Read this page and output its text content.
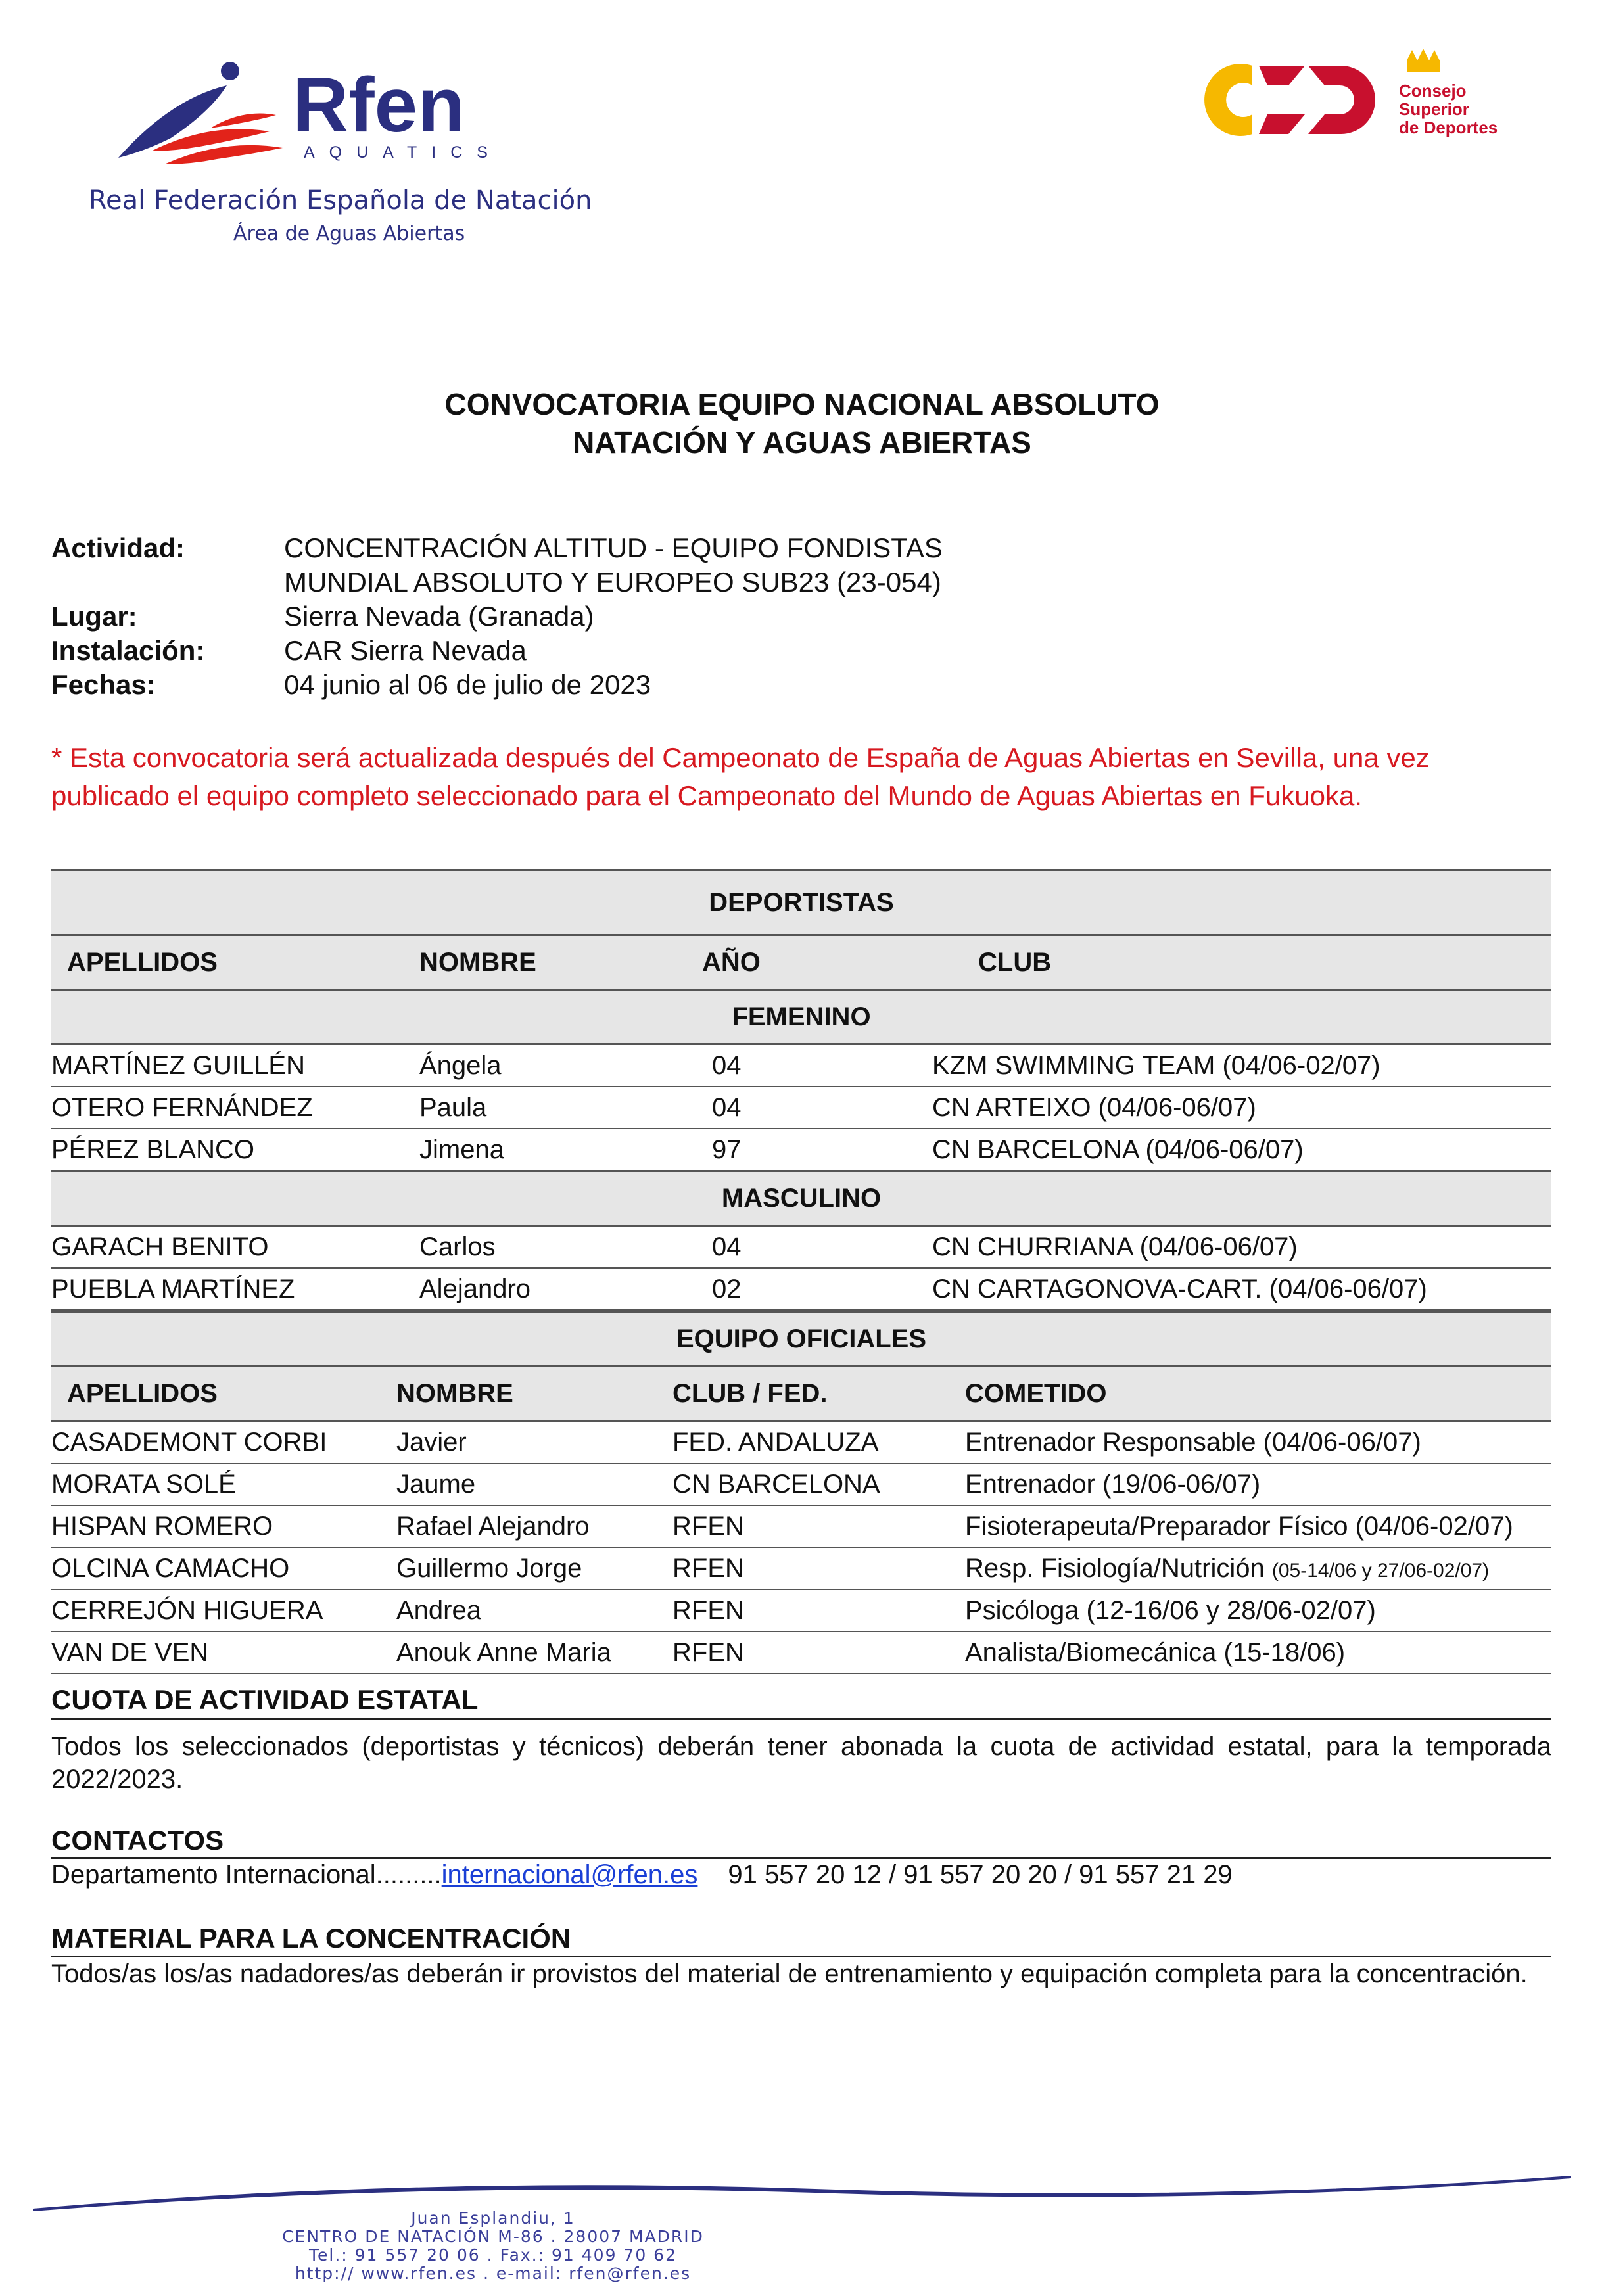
Rfen
AQUATICS
Real Federación Española de Natación
Área de Aguas Abiertas
Consejo
Superior
de Deportes
CONVOCATORIA EQUIPO NACIONAL ABSOLUTO
NATACIÓN Y AGUAS ABIERTAS
Actividad:	CONCENTRACIÓN ALTITUD - EQUIPO FONDISTAS
MUNDIAL ABSOLUTO Y EUROPEO SUB23 (23-054)
Lugar:	Sierra Nevada (Granada)
Instalación:	CAR Sierra Nevada
Fechas:	04 junio al 06 de julio de 2023
* Esta convocatoria será actualizada después del Campeonato de España de Aguas Abiertas en Sevilla, una vez
publicado el equipo completo seleccionado para el Campeonato del Mundo de Aguas Abiertas en Fukuoka.
DEPORTISTAS			
APELLIDOS	NOMBRE	AÑO	CLUB
FEMENINO			
MARTÍNEZ GUILLÉN	Ángela	04	KZM SWIMMING TEAM (04/06-02/07)
OTERO FERNÁNDEZ	Paula	04	CN ARTEIXO (04/06-06/07)
PÉREZ BLANCO	Jimena	97	CN BARCELONA (04/06-06/07)
MASCULINO			
GARACH BENITO	Carlos	04	CN CHURRIANA (04/06-06/07)
PUEBLA MARTÍNEZ	Alejandro	02	CN CARTAGONOVA-CART. (04/06-06/07)
EQUIPO OFICIALES			
APELLIDOS	NOMBRE	CLUB / FED.	COMETIDO
CASADEMONT CORBI	Javier	FED. ANDALUZA	Entrenador Responsable (04/06-06/07)
MORATA SOLÉ	Jaume	CN BARCELONA	Entrenador (19/06-06/07)
HISPAN ROMERO	Rafael Alejandro	RFEN	Fisioterapeuta/Preparador Físico (04/06-02/07)
OLCINA CAMACHO	Guillermo Jorge	RFEN	Resp. Fisiología/Nutrición (05-14/06 y 27/06-02/07)
CERREJÓN HIGUERA	Andrea	RFEN	Psicóloga (12-16/06 y 28/06-02/07)
VAN DE VEN	Anouk Anne Maria	RFEN	Analista/Biomecánica (15-18/06)
CUOTA DE ACTIVIDAD ESTATAL
Todos los seleccionados (deportistas y técnicos) deberán tener abonada la cuota de actividad estatal, para la temporada 2022/2023.
CONTACTOS
Departamento Internacional.........internacional@rfen.es 91 557 20 12 / 91 557 20 20 / 91 557 21 29
MATERIAL PARA LA CONCENTRACIÓN
Todos/as los/as nadadores/as deberán ir provistos del material de entrenamiento y equipación completa para la concentración.
Juan Esplandiu, 1
CENTRO DE NATACIÓN M-86 . 28007 MADRID
Tel.: 91 557 20 06 . Fax.: 91 409 70 62
http:// www.rfen.es . e-mail: rfen@rfen.es
